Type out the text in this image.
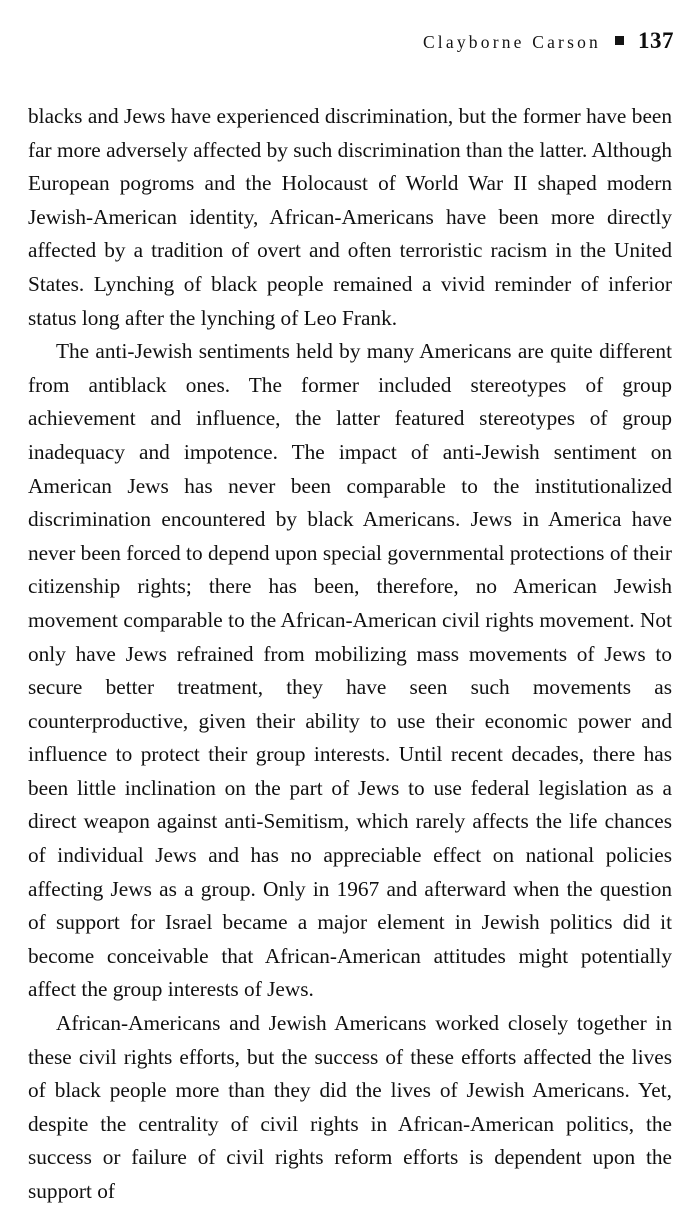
Clayborne Carson 137

blacks and Jews have experienced discrimination, but the former have been far more adversely affected by such discrimination than the latter. Although European pogroms and the Holocaust of World War II shaped modern Jewish-American identity, African-Americans have been more directly affected by a tradition of overt and often terroristic racism in the United States. Lynching of black people remained a vivid reminder of inferior status long after the lynching of Leo Frank.

The anti-Jewish sentiments held by many Americans are quite different from antiblack ones. The former included stereotypes of group achievement and influence, the latter featured stereotypes of group inadequacy and impotence. The impact of anti-Jewish sentiment on American Jews has never been comparable to the institutionalized discrimination encountered by black Americans. Jews in America have never been forced to depend upon special governmental protections of their citizenship rights; there has been, therefore, no American Jewish movement comparable to the African-American civil rights movement. Not only have Jews refrained from mobilizing mass movements of Jews to secure better treatment, they have seen such movements as counterproductive, given their ability to use their economic power and influence to protect their group interests. Until recent decades, there has been little inclination on the part of Jews to use federal legislation as a direct weapon against anti-Semitism, which rarely affects the life chances of individual Jews and has no appreciable effect on national policies affecting Jews as a group. Only in 1967 and afterward when the question of support for Israel became a major element in Jewish politics did it become conceivable that African-American attitudes might potentially affect the group interests of Jews.

African-Americans and Jewish Americans worked closely together in these civil rights efforts, but the success of these efforts affected the lives of black people more than they did the lives of Jewish Americans. Yet, despite the centrality of civil rights in African-American politics, the success or failure of civil rights reform efforts is dependent upon the support of
